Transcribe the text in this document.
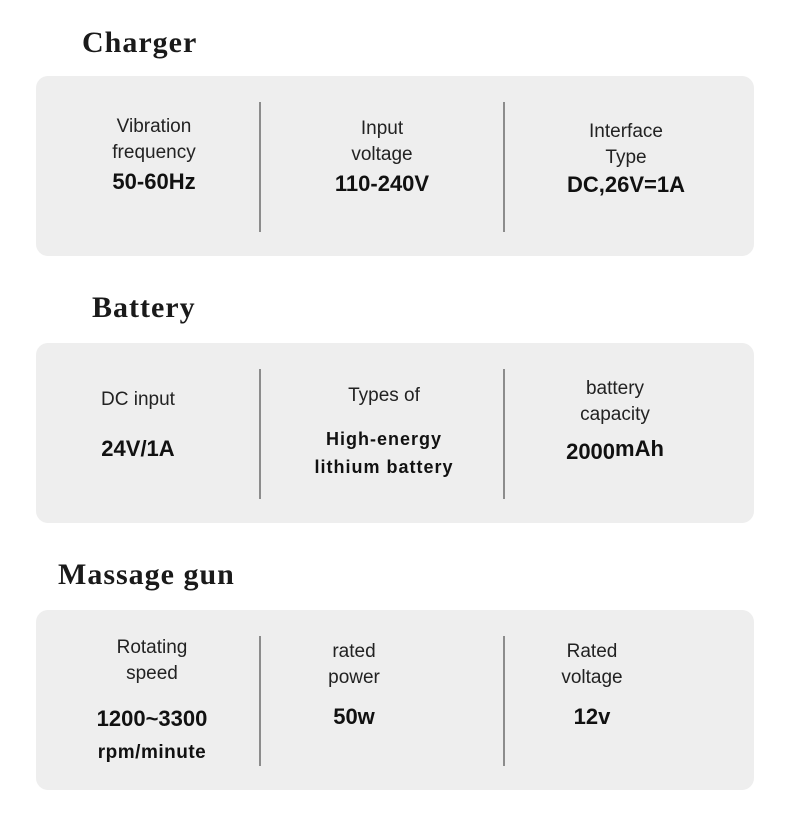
Charger
Vibration
frequency
50-60Hz
Input
voltage
110-240V
Interface
Type
DC,26V=1A
Battery
DC input
24V/1A
Types of
High-energy
lithium battery
battery
capacity
2000mAh
Massage gun
Rotating
speed
1200~3300
rpm/minute
rated
power
50w
Rated
voltage
12v
